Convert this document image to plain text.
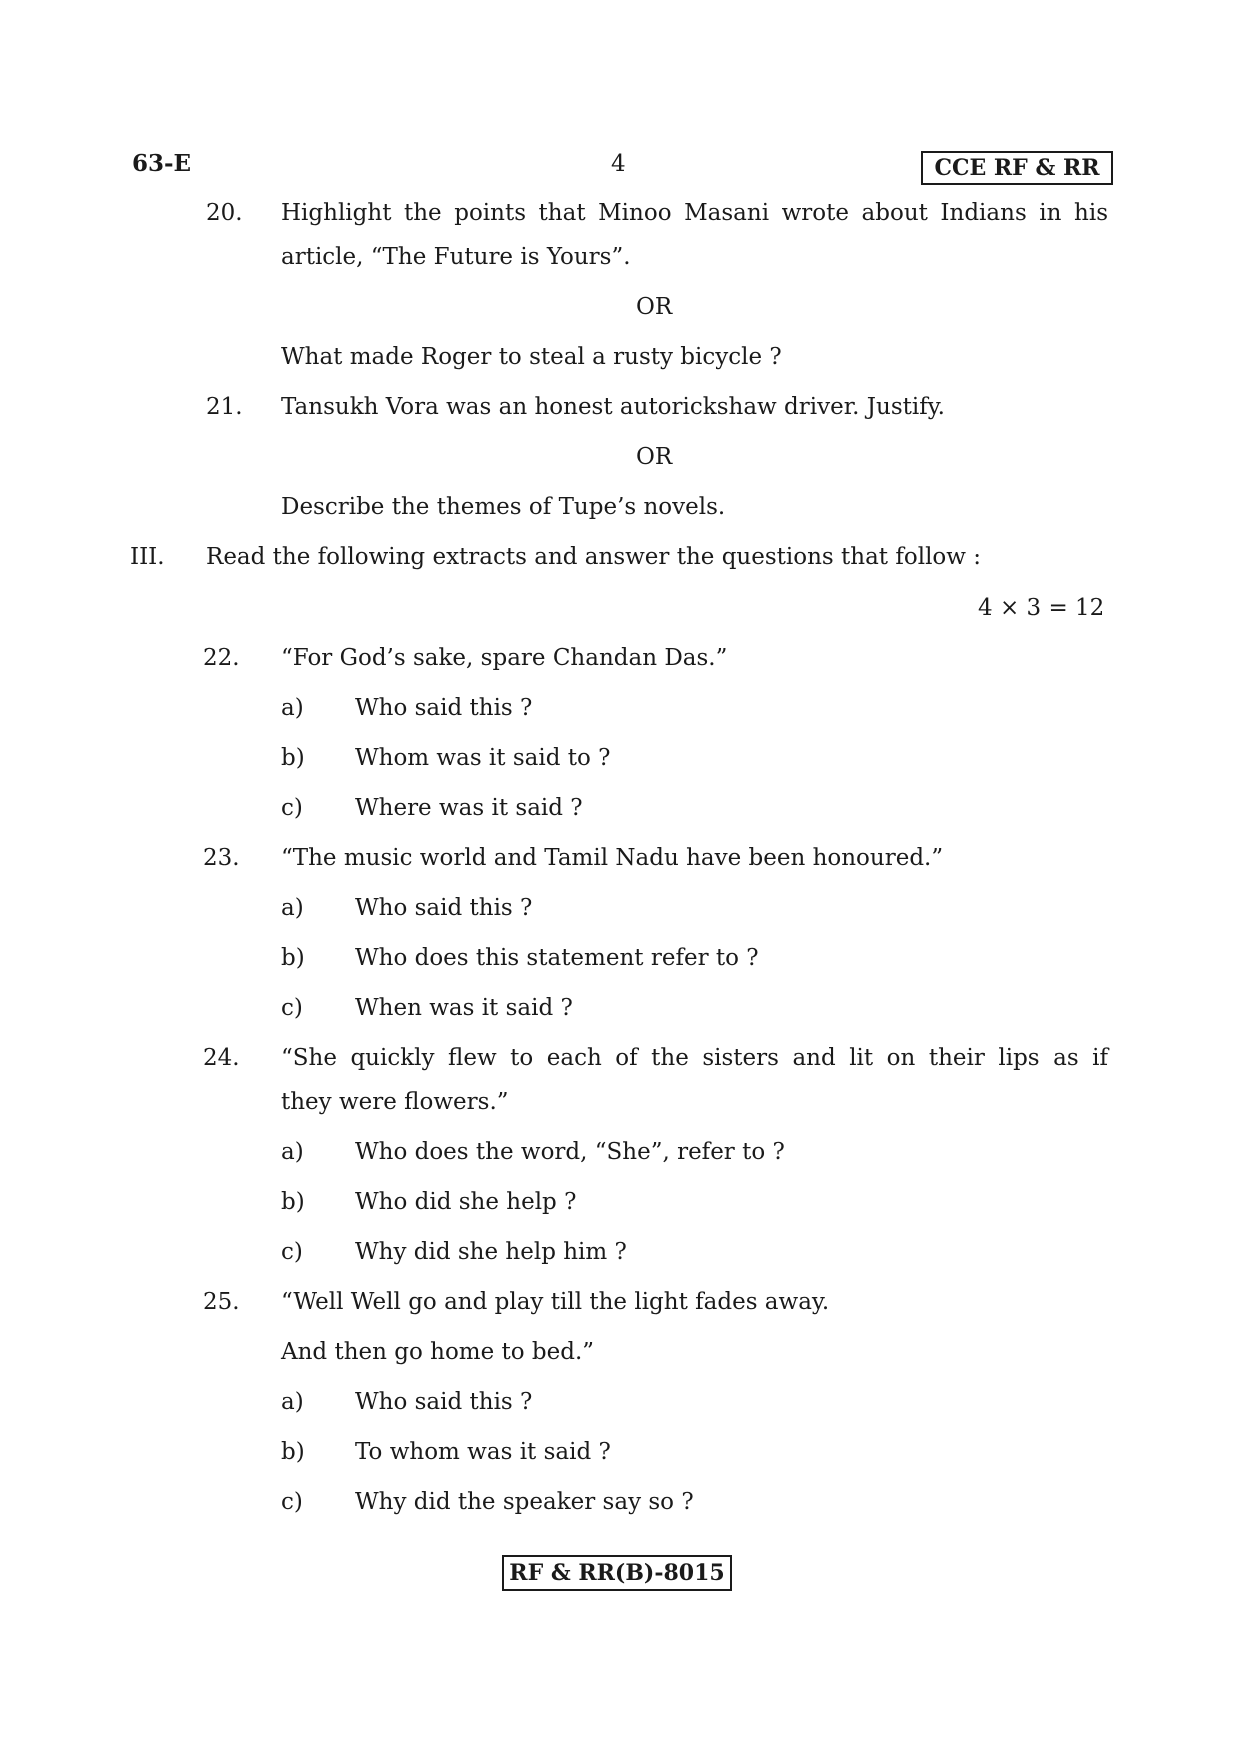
63-E	4	CCE RF & RR
20. Highlight the points that Minoo Masani wrote about Indians in his
article, “The Future is Yours”.
OR
What made Roger to steal a rusty bicycle ?
21. Tansukh Vora was an honest autorickshaw driver. Justify.
OR
Describe the themes of Tupe’s novels.
III. Read the following extracts and answer the questions that follow :
4 × 3 = 12
22. “For God’s sake, spare Chandan Das.”
a) Who said this ?
b) Whom was it said to ?
c) Where was it said ?
23. “The music world and Tamil Nadu have been honoured.”
a) Who said this ?
b) Who does this statement refer to ?
c) When was it said ?
24. “She quickly flew to each of the sisters and lit on their lips as if
they were flowers.”
a) Who does the word, “She”, refer to ?
b) Who did she help ?
c) Why did she help him ?
25. “Well Well go and play till the light fades away.
And then go home to bed.”
a) Who said this ?
b) To whom was it said ?
c) Why did the speaker say so ?
RF & RR(B)-8015
